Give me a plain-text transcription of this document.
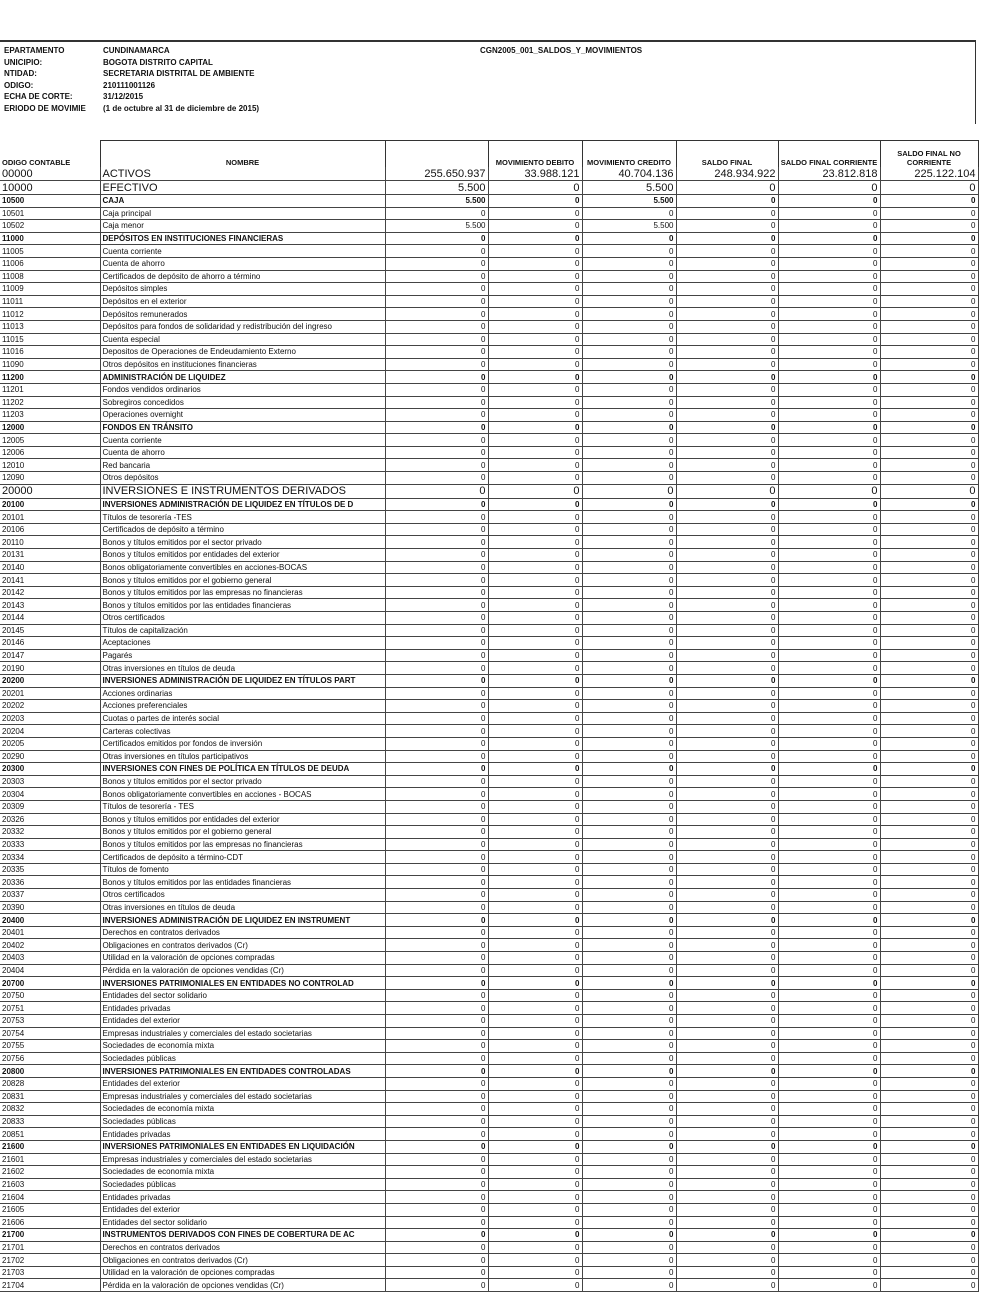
EPARTAMENTO	CUNDINAMARCA
UNICIPIO:	BOGOTA DISTRITO CAPITAL
NTIDAD:	SECRETARIA DISTRITAL DE AMBIENTE
ODIGO:	210111001126
ECHA DE CORTE:	31/12/2015
ERIODO DE MOVIMIE (1 de octubre al 31 de diciembre de 2015)
CGN2005_001_SALDOS_Y_MOVIMIENTOS
ODIGO CONTABLE	NOMBRE		MOVIMIENTO DEBITO	MOVIMIENTO CREDITO	SALDO FINAL	SALDO FINAL CORRIENTE	SALDO FINAL NO CORRIENTE
00000	ACTIVOS	255.650.937	33.988.121	40.704.136	248.934.922	23.812.818	225.122.104
10000	EFECTIVO	5.500	0	5.500	0	0	0
10500	CAJA	5.500	0	5.500	0	0	0
10501	Caja principal	0	0	0	0	0	0
10502	Caja menor	5.500	0	5.500	0	0	0
11000	DEPÓSITOS EN INSTITUCIONES FINANCIERAS	0	0	0	0	0	0
11005	Cuenta corriente	0	0	0	0	0	0
11006	Cuenta de ahorro	0	0	0	0	0	0
11008	Certificados de depósito de ahorro a término	0	0	0	0	0	0
11009	Depósitos simples	0	0	0	0	0	0
11011	Depósitos en el exterior	0	0	0	0	0	0
11012	Depósitos remunerados	0	0	0	0	0	0
11013	Depósitos para fondos de solidaridad y redistribución del ingreso	0	0	0	0	0	0
11015	Cuenta especial	0	0	0	0	0	0
11016	Depositos de Operaciones de Endeudamiento Externo	0	0	0	0	0	0
11090	Otros depósitos en instituciones financieras	0	0	0	0	0	0
11200	ADMINISTRACIÓN DE LIQUIDEZ	0	0	0	0	0	0
11201	Fondos vendidos ordinarios	0	0	0	0	0	0
11202	Sobregiros concedidos	0	0	0	0	0	0
11203	Operaciones overnight	0	0	0	0	0	0
12000	FONDOS EN TRÁNSITO	0	0	0	0	0	0
12005	Cuenta corriente	0	0	0	0	0	0
12006	Cuenta de ahorro	0	0	0	0	0	0
12010	Red bancaria	0	0	0	0	0	0
12090	Otros depósitos	0	0	0	0	0	0
20000	INVERSIONES E INSTRUMENTOS DERIVADOS	0	0	0	0	0	0
20100	INVERSIONES ADMINISTRACIÓN DE LIQUIDEZ EN TÍTULOS DE D	0	0	0	0	0	0
20101	Títulos de tesorería -TES	0	0	0	0	0	0
20106	Certificados de depósito a término	0	0	0	0	0	0
20110	Bonos y títulos emitidos por el sector privado	0	0	0	0	0	0
20131	Bonos y títulos emitidos por entidades del exterior	0	0	0	0	0	0
20140	Bonos obligatoriamente convertibles en acciones-BOCAS	0	0	0	0	0	0
20141	Bonos y títulos emitidos por el gobierno general	0	0	0	0	0	0
20142	Bonos y títulos emitidos por las empresas no financieras	0	0	0	0	0	0
20143	Bonos y títulos emitidos por las entidades financieras	0	0	0	0	0	0
20144	Otros certificados	0	0	0	0	0	0
20145	Títulos de capitalización	0	0	0	0	0	0
20146	Aceptaciones	0	0	0	0	0	0
20147	Pagarés	0	0	0	0	0	0
20190	Otras inversiones en títulos de deuda	0	0	0	0	0	0
20200	INVERSIONES ADMINISTRACIÓN DE LIQUIDEZ EN TÍTULOS PART	0	0	0	0	0	0
20201	Acciones ordinarias	0	0	0	0	0	0
20202	Acciones preferenciales	0	0	0	0	0	0
20203	Cuotas o partes de interés social	0	0	0	0	0	0
20204	Carteras colectivas	0	0	0	0	0	0
20205	Certificados emitidos por fondos de inversión	0	0	0	0	0	0
20290	Otras inversiones en títulos participativos	0	0	0	0	0	0
20300	INVERSIONES CON FINES DE POLÍTICA EN TÍTULOS DE DEUDA	0	0	0	0	0	0
20303	Bonos y títulos emitidos por el sector privado	0	0	0	0	0	0
20304	Bonos obligatoriamente convertibles en acciones - BOCAS	0	0	0	0	0	0
20309	Títulos de tesorería - TES	0	0	0	0	0	0
20326	Bonos y títulos emitidos por entidades del exterior	0	0	0	0	0	0
20332	Bonos y títulos emitidos por el gobierno general	0	0	0	0	0	0
20333	Bonos y títulos emitidos por las empresas no financieras	0	0	0	0	0	0
20334	Certificados de depósito a término-CDT	0	0	0	0	0	0
20335	Títulos de fomento	0	0	0	0	0	0
20336	Bonos y títulos emitidos por las entidades financieras	0	0	0	0	0	0
20337	Otros certificados	0	0	0	0	0	0
20390	Otras inversiones en títulos de deuda	0	0	0	0	0	0
20400	INVERSIONES ADMINISTRACIÓN DE LIQUIDEZ EN INSTRUMENT	0	0	0	0	0	0
20401	Derechos en contratos derivados	0	0	0	0	0	0
20402	Obligaciones en contratos derivados (Cr)	0	0	0	0	0	0
20403	Utilidad en la valoración de opciones compradas	0	0	0	0	0	0
20404	Pérdida en la valoración de opciones vendidas (Cr)	0	0	0	0	0	0
20700	INVERSIONES PATRIMONIALES EN ENTIDADES NO CONTROLAD	0	0	0	0	0	0
20750	Entidades del sector solidario	0	0	0	0	0	0
20751	Entidades privadas	0	0	0	0	0	0
20753	Entidades del exterior	0	0	0	0	0	0
20754	Empresas industriales y comerciales del estado societarias	0	0	0	0	0	0
20755	Sociedades de economía mixta	0	0	0	0	0	0
20756	Sociedades públicas	0	0	0	0	0	0
20800	INVERSIONES PATRIMONIALES EN ENTIDADES CONTROLADAS	0	0	0	0	0	0
20828	Entidades del exterior	0	0	0	0	0	0
20831	Empresas industriales y comerciales del estado societarias	0	0	0	0	0	0
20832	Sociedades de economía mixta	0	0	0	0	0	0
20833	Sociedades públicas	0	0	0	0	0	0
20851	Entidades privadas	0	0	0	0	0	0
21600	INVERSIONES PATRIMONIALES EN ENTIDADES EN LIQUIDACIÓN	0	0	0	0	0	0
21601	Empresas industriales y comerciales del estado societarias	0	0	0	0	0	0
21602	Sociedades de economía mixta	0	0	0	0	0	0
21603	Sociedades públicas	0	0	0	0	0	0
21604	Entidades privadas	0	0	0	0	0	0
21605	Entidades del exterior	0	0	0	0	0	0
21606	Entidades del sector solidario	0	0	0	0	0	0
21700	INSTRUMENTOS DERIVADOS CON FINES DE COBERTURA DE AC	0	0	0	0	0	0
21701	Derechos en contratos derivados	0	0	0	0	0	0
21702	Obligaciones en contratos derivados (Cr)	0	0	0	0	0	0
21703	Utilidad en la valoración de opciones compradas	0	0	0	0	0	0
21704	Pérdida en la valoración de opciones vendidas (Cr)	0	0	0	0	0	0
